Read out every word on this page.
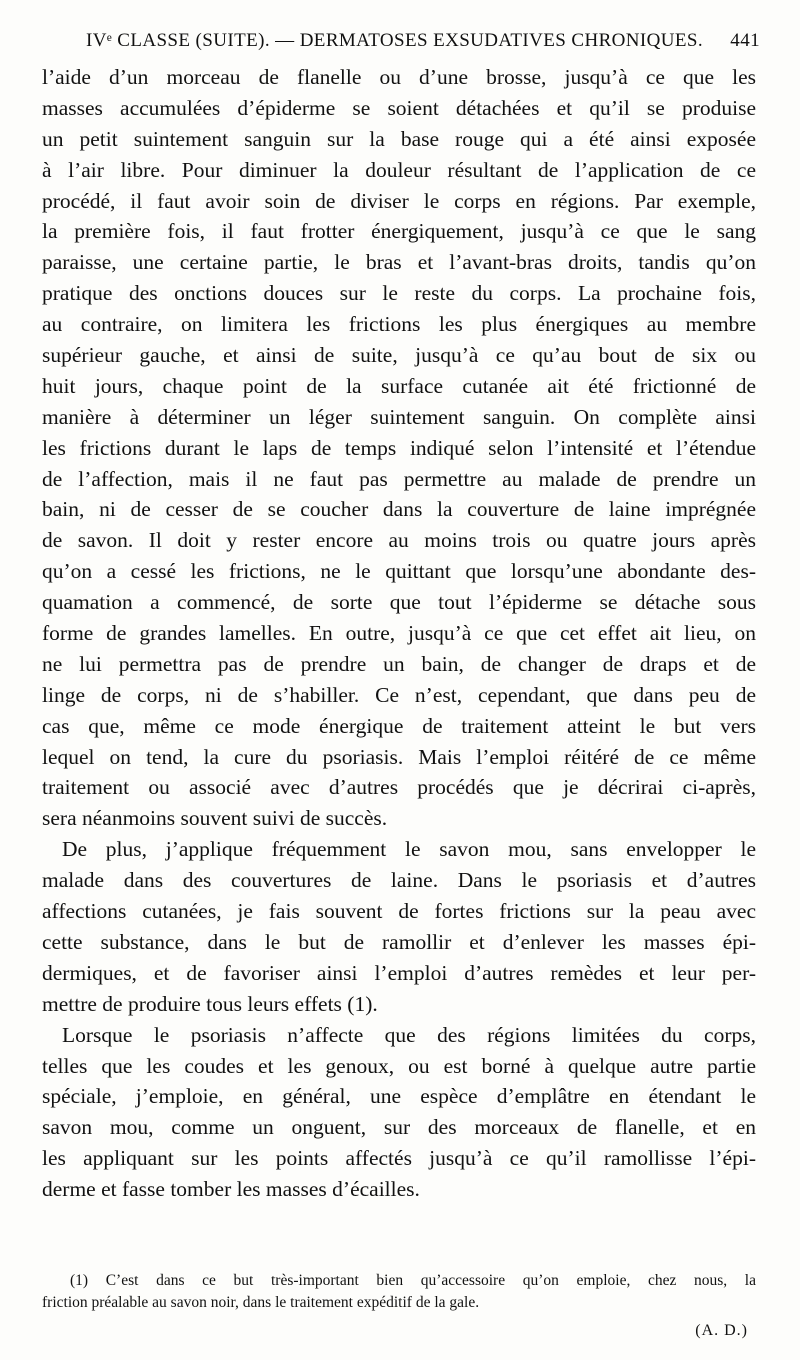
IVᵉ CLASSE (SUITE). — DERMATOSES EXSUDATIVES CHRONIQUES. 441
l’aide d’un morceau de flanelle ou d’une brosse, jusqu’à ce que les
masses accumulées d’épiderme se soient détachées et qu’il se produise
un petit suintement sanguin sur la base rouge qui a été ainsi exposée
à l’air libre. Pour diminuer la douleur résultant de l’application de ce
procédé, il faut avoir soin de diviser le corps en régions. Par exemple,
la première fois, il faut frotter énergiquement, jusqu’à ce que le sang
paraisse, une certaine partie, le bras et l’avant-bras droits, tandis qu’on
pratique des onctions douces sur le reste du corps. La prochaine fois,
au contraire, on limitera les frictions les plus énergiques au membre
supérieur gauche, et ainsi de suite, jusqu’à ce qu’au bout de six ou
huit jours, chaque point de la surface cutanée ait été frictionné de
manière à déterminer un léger suintement sanguin. On complète ainsi
les frictions durant le laps de temps indiqué selon l’intensité et l’étendue
de l’affection, mais il ne faut pas permettre au malade de prendre un
bain, ni de cesser de se coucher dans la couverture de laine imprégnée
de savon. Il doit y rester encore au moins trois ou quatre jours après
qu’on a cessé les frictions, ne le quittant que lorsqu’une abondante des-
quamation a commencé, de sorte que tout l’épiderme se détache sous
forme de grandes lamelles. En outre, jusqu’à ce que cet effet ait lieu, on
ne lui permettra pas de prendre un bain, de changer de draps et de
linge de corps, ni de s’habiller. Ce n’est, cependant, que dans peu de
cas que, même ce mode énergique de traitement atteint le but vers
lequel on tend, la cure du psoriasis. Mais l’emploi réitéré de ce même
traitement ou associé avec d’autres procédés que je décrirai ci-après,
sera néanmoins souvent suivi de succès.
De plus, j’applique fréquemment le savon mou, sans envelopper le
malade dans des couvertures de laine. Dans le psoriasis et d’autres
affections cutanées, je fais souvent de fortes frictions sur la peau avec
cette substance, dans le but de ramollir et d’enlever les masses épi-
dermiques, et de favoriser ainsi l’emploi d’autres remèdes et leur per-
mettre de produire tous leurs effets (1).
Lorsque le psoriasis n’affecte que des régions limitées du corps,
telles que les coudes et les genoux, ou est borné à quelque autre partie
spéciale, j’emploie, en général, une espèce d’emplâtre en étendant le
savon mou, comme un onguent, sur des morceaux de flanelle, et en
les appliquant sur les points affectés jusqu’à ce qu’il ramollisse l’épi-
derme et fasse tomber les masses d’écailles.
(1) C’est dans ce but très-important bien qu’accessoire qu’on emploie, chez nous, la
friction préalable au savon noir, dans le traitement expéditif de la gale.
(A. D.)
